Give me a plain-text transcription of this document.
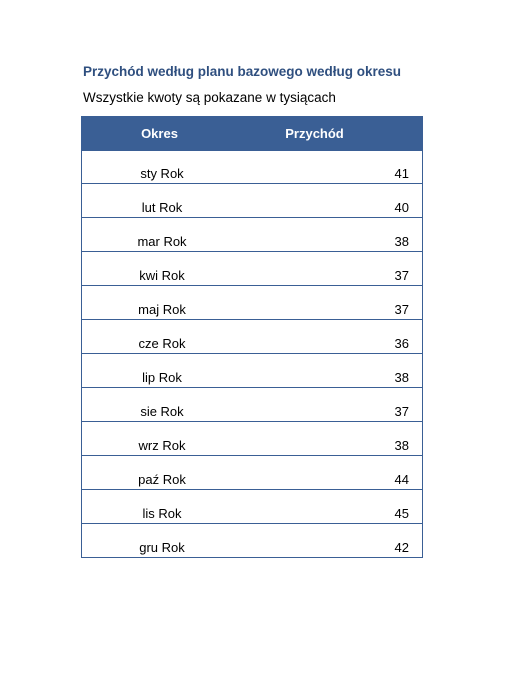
Przychód według planu bazowego według okresu
Wszystkie kwoty są pokazane w tysiącach
Okres	Przychód
sty Rok	41
lut Rok	40
mar Rok	38
kwi Rok	37
maj Rok	37
cze Rok	36
lip Rok	38
sie Rok	37
wrz Rok	38
paź Rok	44
lis Rok	45
gru Rok	42
